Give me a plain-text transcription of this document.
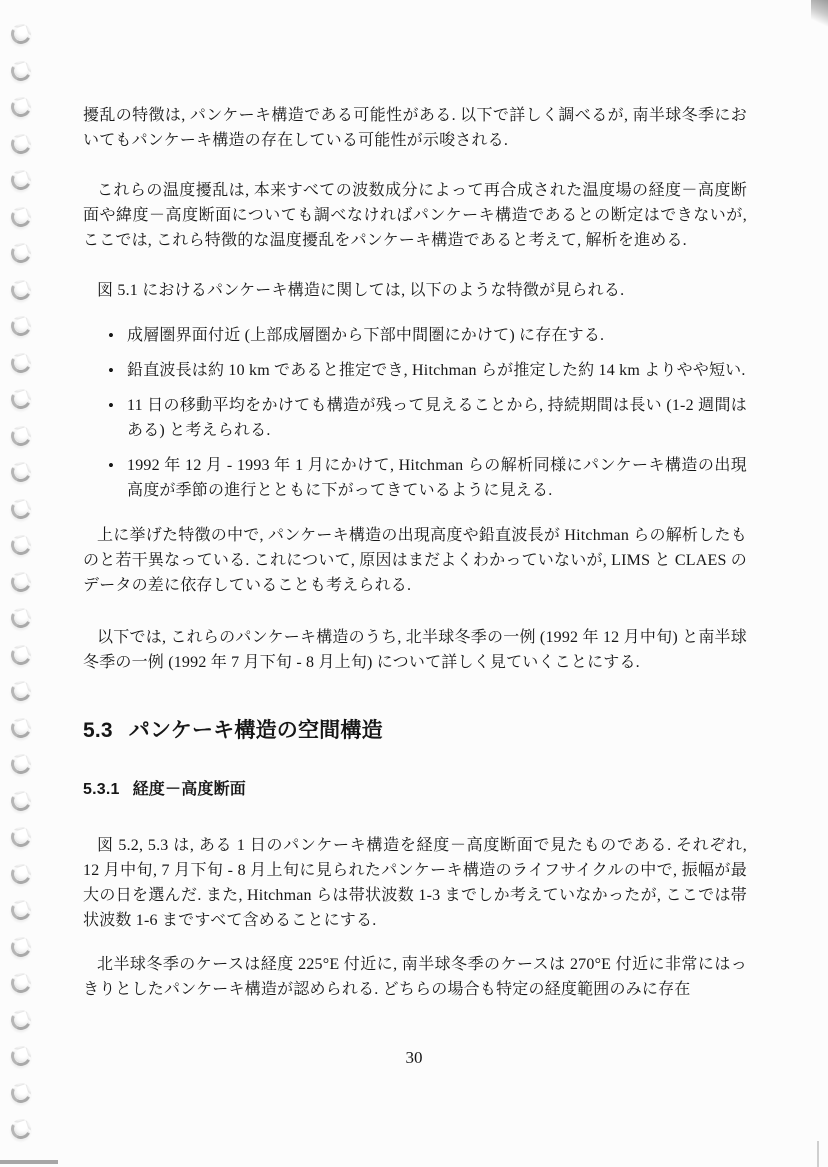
擾乱の特徴は, パンケーキ構造である可能性がある. 以下で詳しく調べるが, 南半球冬季においてもパンケーキ構造の存在している可能性が示唆される.

これらの温度擾乱は, 本来すべての波数成分によって再合成された温度場の経度－高度断面や緯度－高度断面についても調べなければパンケーキ構造であるとの断定はできないが, ここでは, これら特徴的な温度擾乱をパンケーキ構造であると考えて, 解析を進める.

図 5.1 におけるパンケーキ構造に関しては, 以下のような特徴が見られる.

• 成層圏界面付近 (上部成層圏から下部中間圏にかけて) に存在する.
• 鉛直波長は約 10 km であると推定でき, Hitchman らが推定した約 14 km よりやや短い.
• 11 日の移動平均をかけても構造が残って見えることから, 持続期間は長い (1-2 週間はある) と考えられる.
• 1992 年 12 月 - 1993 年 1 月にかけて, Hitchman らの解析同様にパンケーキ構造の出現高度が季節の進行とともに下がってきているように見える.

上に挙げた特徴の中で, パンケーキ構造の出現高度や鉛直波長が Hitchman らの解析したものと若干異なっている. これについて, 原因はまだよくわかっていないが, LIMS と CLAES のデータの差に依存していることも考えられる.

以下では, これらのパンケーキ構造のうち, 北半球冬季の一例 (1992 年 12 月中旬) と南半球冬季の一例 (1992 年 7 月下旬 - 8 月上旬) について詳しく見ていくことにする.

5.3 パンケーキ構造の空間構造
5.3.1 経度－高度断面

図 5.2, 5.3 は, ある 1 日のパンケーキ構造を経度－高度断面で見たものである. それぞれ, 12 月中旬, 7 月下旬 - 8 月上旬に見られたパンケーキ構造のライフサイクルの中で, 振幅が最大の日を選んだ. また, Hitchman らは帯状波数 1-3 までしか考えていなかったが, ここでは帯状波数 1-6 まですべて含めることにする.

北半球冬季のケースは経度 225°E 付近に, 南半球冬季のケースは 270°E 付近に非常にはっきりとしたパンケーキ構造が認められる. どちらの場合も特定の経度範囲のみに存在

30
